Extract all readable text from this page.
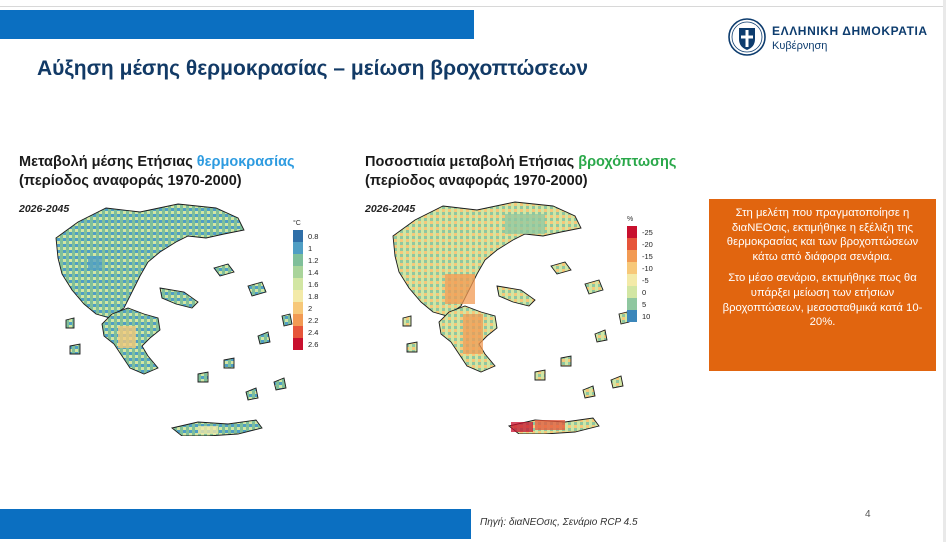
ΕΛΛΗΝΙΚΗ ΔΗΜΟΚΡΑΤΙΑ
Κυβέρνηση
Αύξηση μέσης θερμοκρασίας – μείωση βροχοπτώσεων
Μεταβολή μέσης Ετήσιας θερμοκρασίας
(περίοδος αναφοράς 1970-2000)
2026-2045
°C
0.8
1
1.2
1.4
1.6
1.8
2
2.2
2.4
2.6
Ποσοστιαία μεταβολή Ετήσιας βροχόπτωσης
(περίοδος αναφοράς 1970-2000)
2026-2045
%
-25
-20
-15
-10
-5
0
5
10

Στη μελέτη που πραγματοποίησε η διαΝΕΟσις, εκτιμήθηκε η εξέλιξη της θερμοκρασίας και των βροχοπτώσεων κάτω από διάφορα σενάρια.

Στο μέσο σενάριο, εκτιμήθηκε πως θα υπάρξει μείωση των ετήσιων βροχοπτώσεων, μεσοσταθμικά κατά 10-20%.

Πηγή: διαΝΕΟσις, Σενάριο RCP 4.5
4
